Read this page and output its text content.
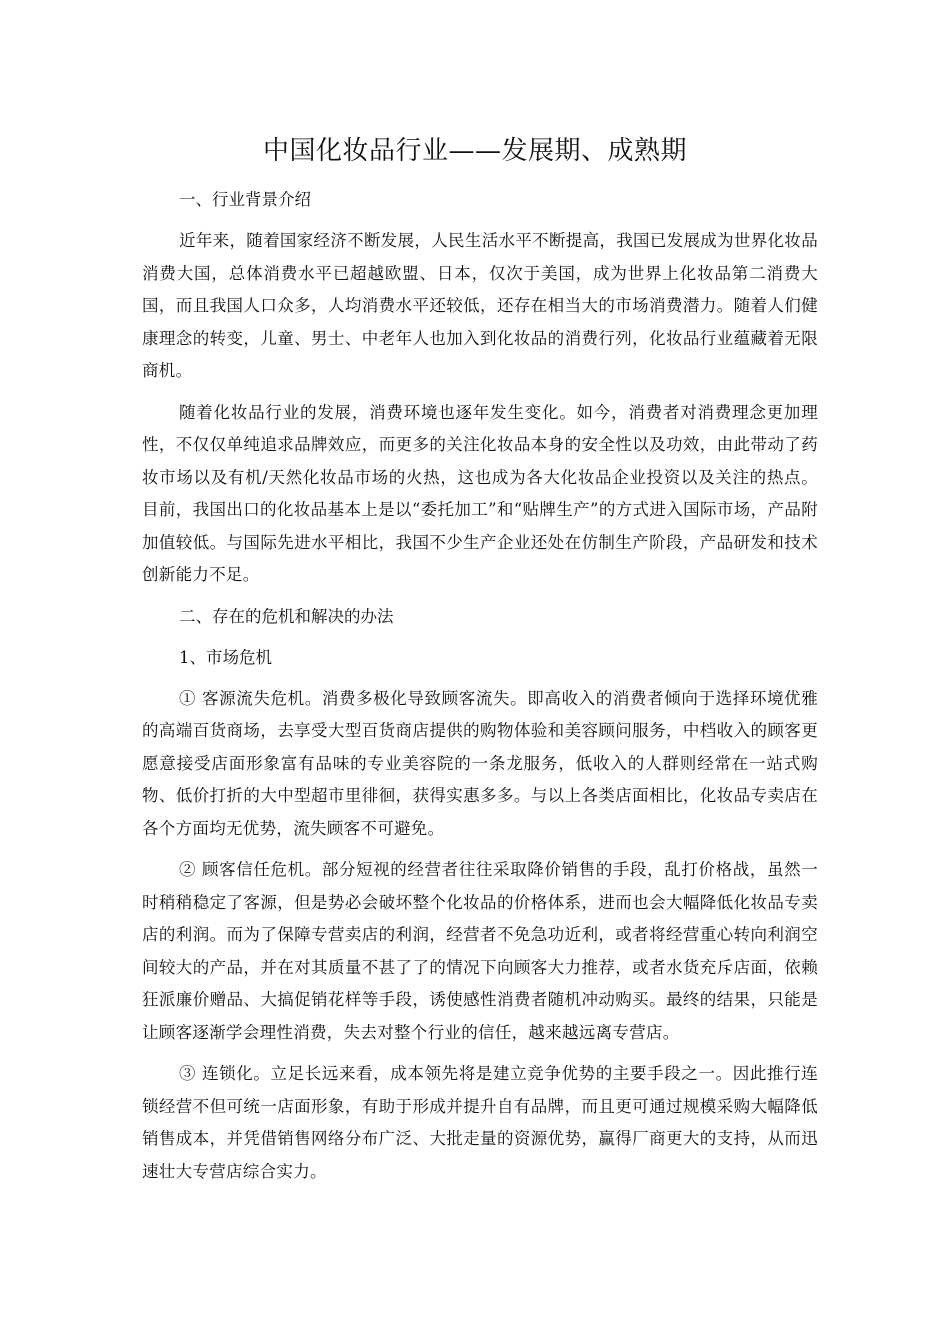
中国化妆品行业——发展期、成熟期

一、行业背景介绍

近年来，随着国家经济不断发展，人民生活水平不断提高，我国已发展成为世界化妆品消费大国，总体消费水平已超越欧盟、日本，仅次于美国，成为世界上化妆品第二消费大国，而且我国人口众多，人均消费水平还较低，还存在相当大的市场消费潜力。随着人们健康理念的转变，儿童、男士、中老年人也加入到化妆品的消费行列，化妆品行业蕴藏着无限商机。

随着化妆品行业的发展，消费环境也逐年发生变化。如今，消费者对消费理念更加理性，不仅仅单纯追求品牌效应，而更多的关注化妆品本身的安全性以及功效，由此带动了药妆市场以及有机/天然化妆品市场的火热，这也成为各大化妆品企业投资以及关注的热点。目前，我国出口的化妆品基本上是以“委托加工”和“贴牌生产”的方式进入国际市场，产品附加值较低。与国际先进水平相比，我国不少生产企业还处在仿制生产阶段，产品研发和技术创新能力不足。

二、存在的危机和解决的办法

1、市场危机

① 客源流失危机。消费多极化导致顾客流失。即高收入的消费者倾向于选择环境优雅的高端百货商场，去享受大型百货商店提供的购物体验和美容顾问服务，中档收入的顾客更愿意接受店面形象富有品味的专业美容院的一条龙服务，低收入的人群则经常在一站式购物、低价打折的大中型超市里徘徊，获得实惠多多。与以上各类店面相比，化妆品专卖店在各个方面均无优势，流失顾客不可避免。

② 顾客信任危机。部分短视的经营者往往采取降价销售的手段，乱打价格战，虽然一时稍稍稳定了客源，但是势必会破坏整个化妆品的价格体系，进而也会大幅降低化妆品专卖店的利润。而为了保障专营卖店的利润，经营者不免急功近利，或者将经营重心转向利润空间较大的产品，并在对其质量不甚了了的情况下向顾客大力推荐，或者水货充斥店面，依赖狂派廉价赠品、大搞促销花样等手段，诱使感性消费者随机冲动购买。最终的结果，只能是让顾客逐渐学会理性消费，失去对整个行业的信任，越来越远离专营店。

③ 连锁化。立足长远来看，成本领先将是建立竞争优势的主要手段之一。因此推行连锁经营不但可统一店面形象，有助于形成并提升自有品牌，而且更可通过规模采购大幅降低销售成本，并凭借销售网络分布广泛、大批走量的资源优势，赢得厂商更大的支持，从而迅速壮大专营店综合实力。
